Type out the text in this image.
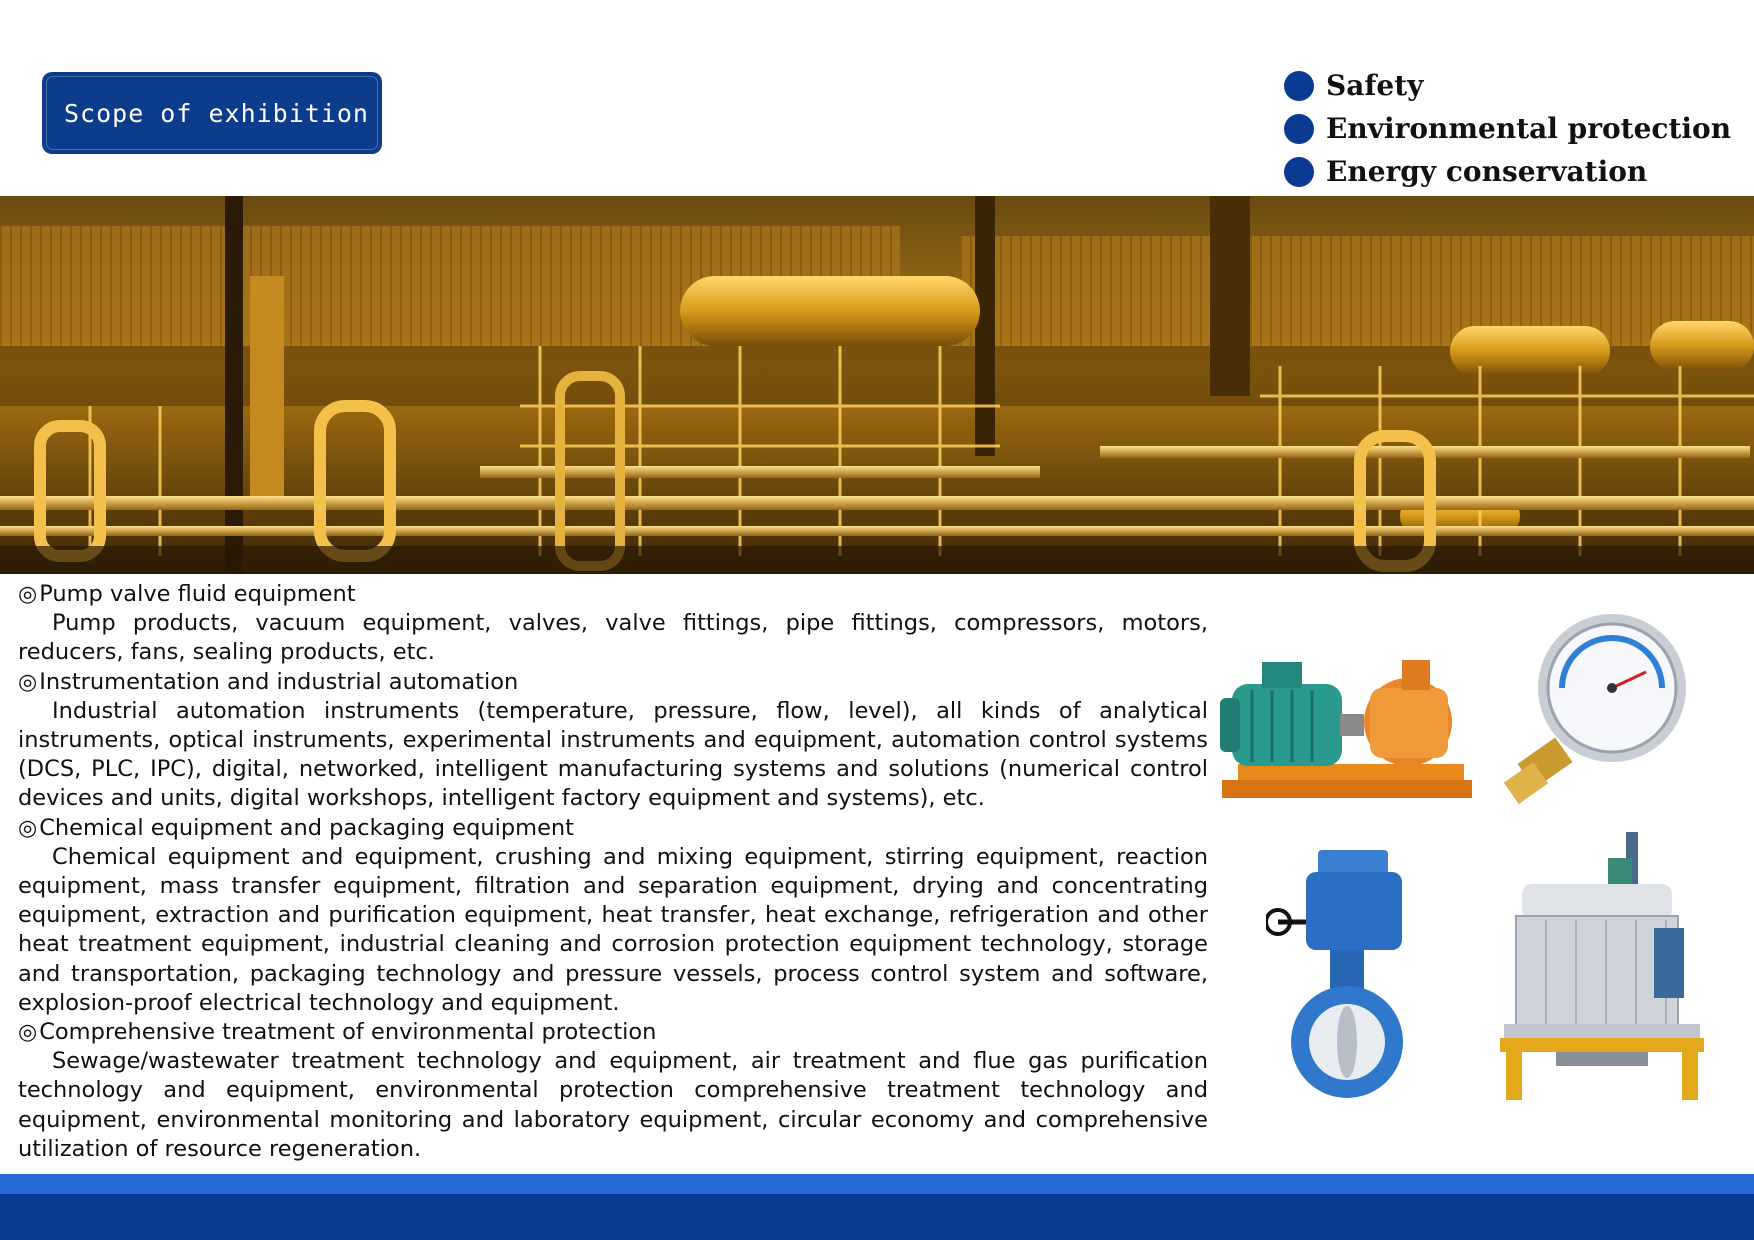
Scope of exhibition
Safety
Environmental protection
Energy conservation
◎ Pump valve fluid equipment
Pump products, vacuum equipment, valves, valve fittings, pipe fittings, compressors, motors, reducers, fans, sealing products, etc.
◎ Instrumentation and industrial automation
Industrial automation instruments (temperature, pressure, flow, level), all kinds of analytical instruments, optical instruments, experimental instruments and equipment, automation control systems (DCS, PLC, IPC), digital, networked, intelligent manufacturing systems and solutions (numerical control devices and units, digital workshops, intelligent factory equipment and systems), etc.
◎ Chemical equipment and packaging equipment
Chemical equipment and equipment, crushing and mixing equipment, stirring equipment, reaction equipment, mass transfer equipment, filtration and separation equipment, drying and concentrating equipment, extraction and purification equipment, heat transfer, heat exchange, refrigeration and other heat treatment equipment, industrial cleaning and corrosion protection equipment technology, storage and transportation, packaging technology and pressure vessels, process control system and software, explosion-proof electrical technology and equipment.
◎ Comprehensive treatment of environmental protection
Sewage/wastewater treatment technology and equipment, air treatment and flue gas purification technology and equipment, environmental protection comprehensive treatment technology and equipment, environmental monitoring and laboratory equipment, circular economy and comprehensive utilization of resource regeneration.
